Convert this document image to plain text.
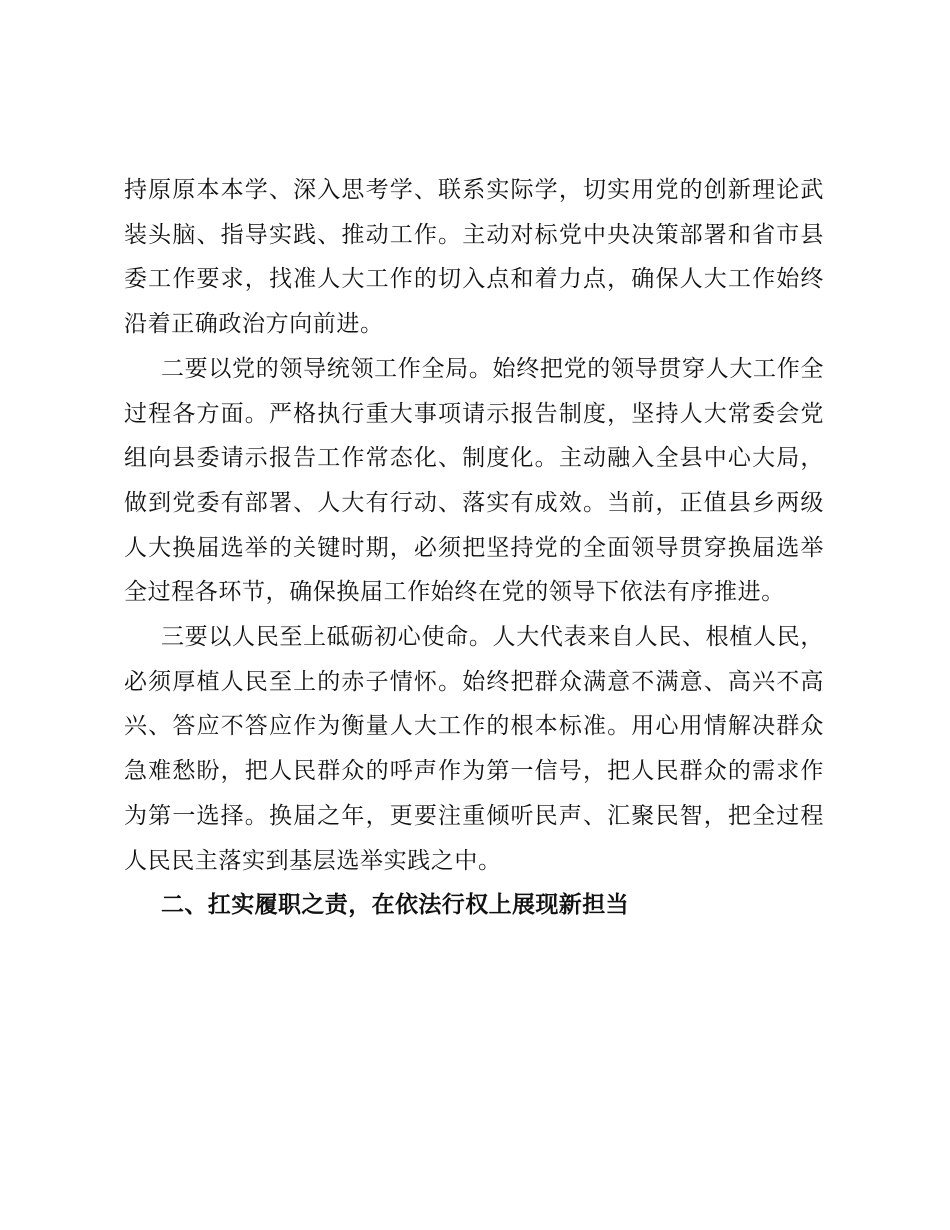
持原原本本学、深入思考学、联系实际学，切实用党的创新理论武装头脑、指导实践、推动工作。主动对标党中央决策部署和省市县委工作要求，找准人大工作的切入点和着力点，确保人大工作始终沿着正确政治方向前进。

二要以党的领导统领工作全局。始终把党的领导贯穿人大工作全过程各方面。严格执行重大事项请示报告制度，坚持人大常委会党组向县委请示报告工作常态化、制度化。主动融入全县中心大局，做到党委有部署、人大有行动、落实有成效。当前，正值县乡两级人大换届选举的关键时期，必须把坚持党的全面领导贯穿换届选举全过程各环节，确保换届工作始终在党的领导下依法有序推进。

三要以人民至上砥砺初心使命。人大代表来自人民、根植人民，必须厚植人民至上的赤子情怀。始终把群众满意不满意、高兴不高兴、答应不答应作为衡量人大工作的根本标准。用心用情解决群众急难愁盼，把人民群众的呼声作为第一信号，把人民群众的需求作为第一选择。换届之年，更要注重倾听民声、汇聚民智，把全过程人民民主落实到基层选举实践之中。

二、扛实履职之责，在依法行权上展现新担当
